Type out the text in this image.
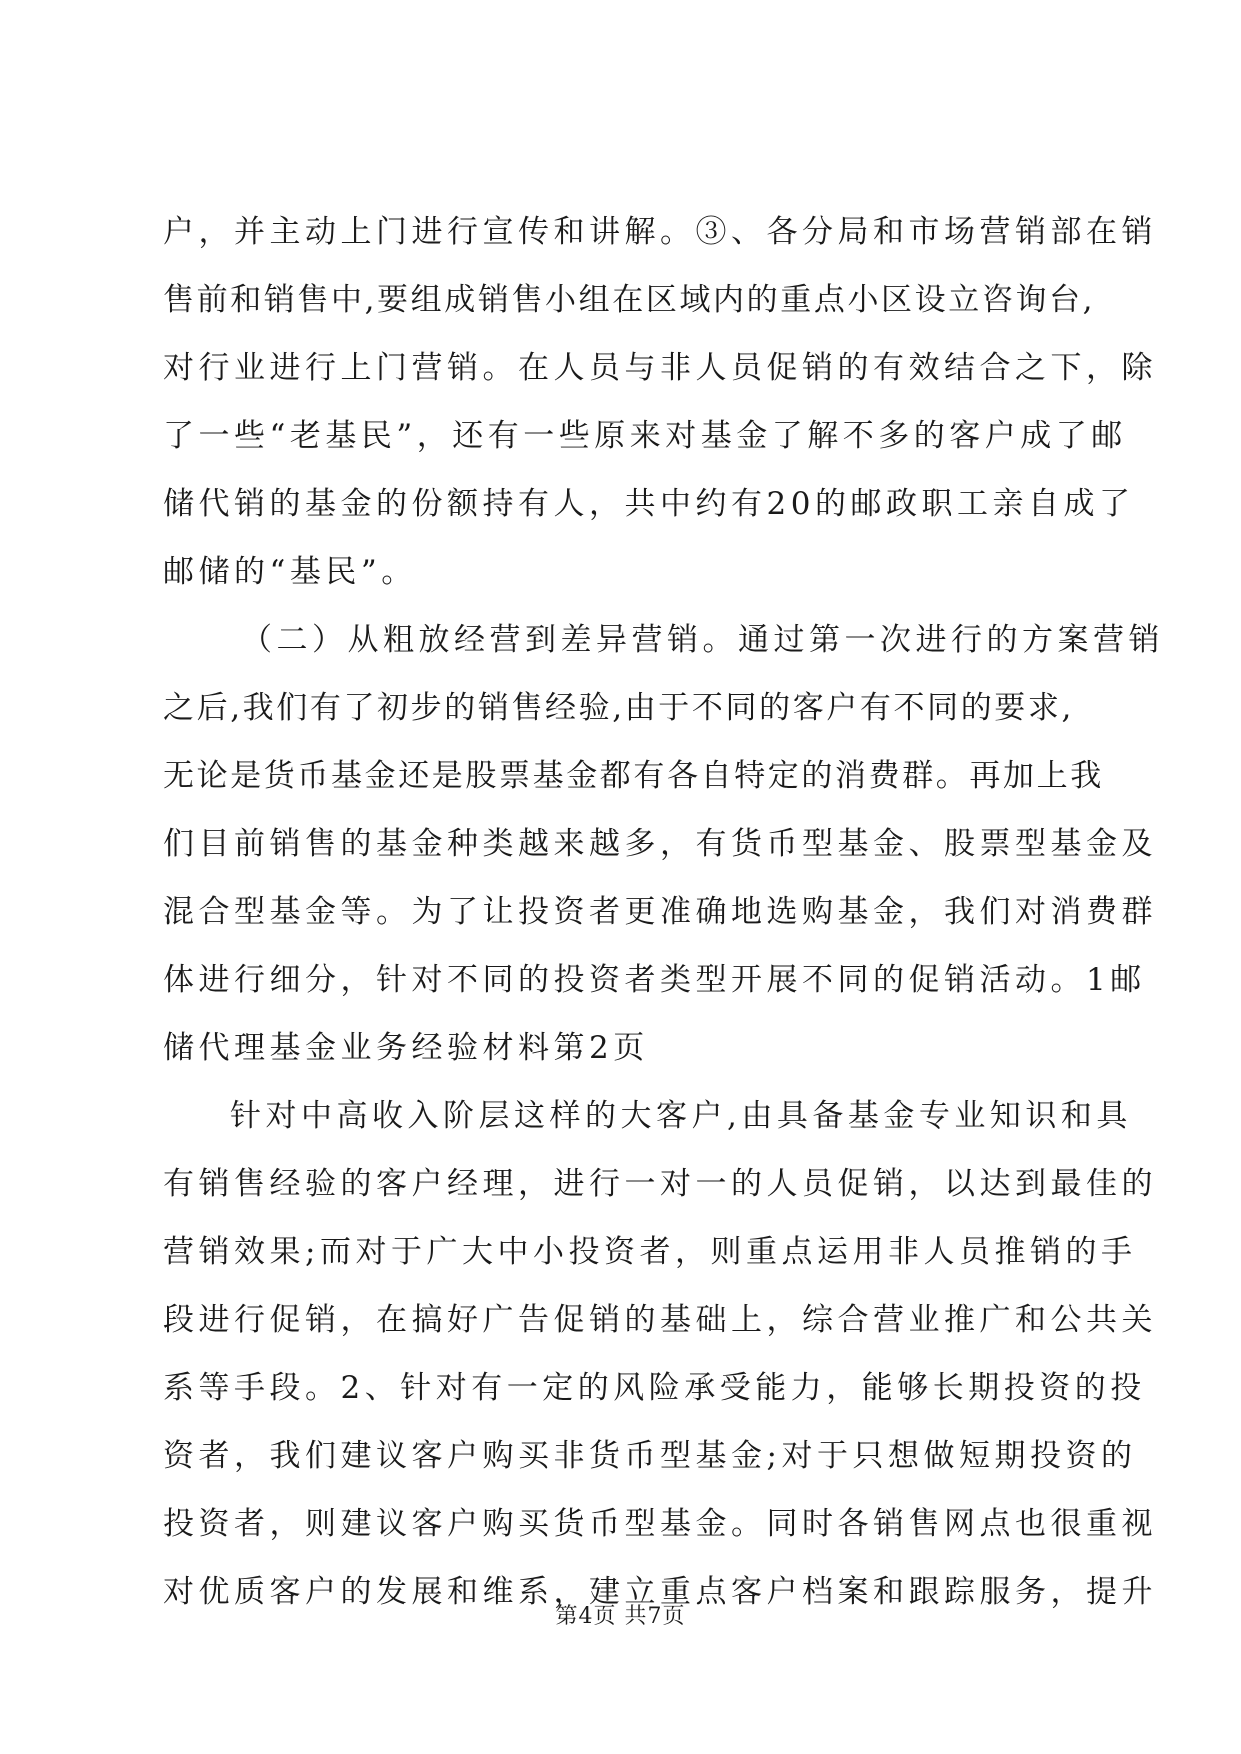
户，并主动上门进行宣传和讲解。③、各分局和市场营销部在销
售前和销售中,要组成销售小组在区域内的重点小区设立咨询台,
对行业进行上门营销。在人员与非人员促销的有效结合之下，除
了一些“老基民”，还有一些原来对基金了解不多的客户成了邮
储代销的基金的份额持有人，共中约有20的邮政职工亲自成了
邮储的“基民”。
（二）从粗放经营到差异营销。通过第一次进行的方案营销
之后,我们有了初步的销售经验,由于不同的客户有不同的要求,
无论是货币基金还是股票基金都有各自特定的消费群。再加上我
们目前销售的基金种类越来越多，有货币型基金、股票型基金及
混合型基金等。为了让投资者更准确地选购基金，我们对消费群
体进行细分，针对不同的投资者类型开展不同的促销活动。1邮
储代理基金业务经验材料第2页
针对中高收入阶层这样的大客户,由具备基金专业知识和具
有销售经验的客户经理，进行一对一的人员促销，以达到最佳的
营销效果;而对于广大中小投资者，则重点运用非人员推销的手
段进行促销，在搞好广告促销的基础上，综合营业推广和公共关
系等手段。2、针对有一定的风险承受能力，能够长期投资的投
资者，我们建议客户购买非货币型基金;对于只想做短期投资的
投资者，则建议客户购买货币型基金。同时各销售网点也很重视
对优质客户的发展和维系，建立重点客户档案和跟踪服务，提升
第4页 共7页
